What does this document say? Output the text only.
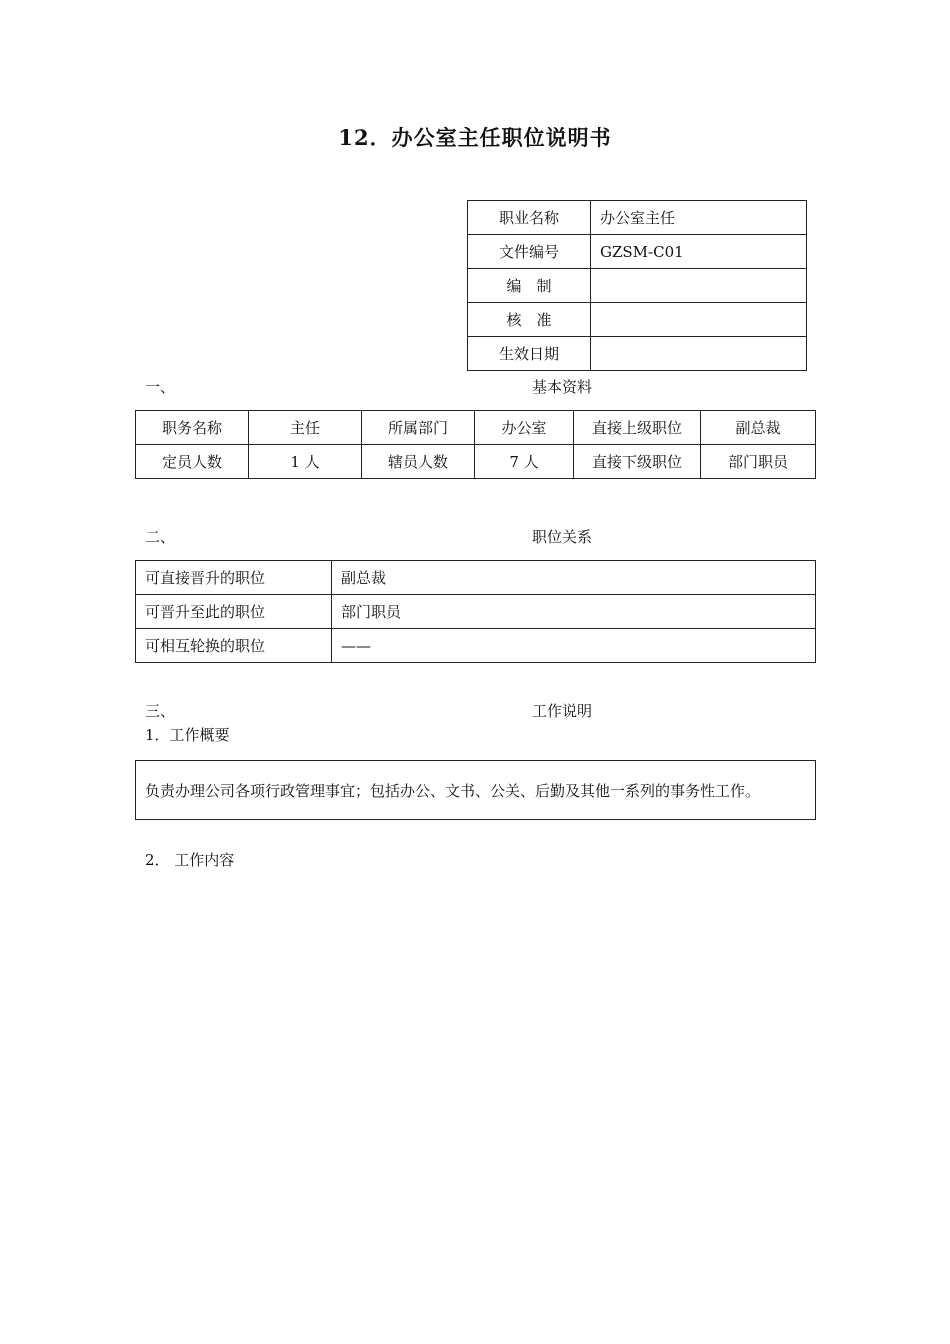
12．办公室主任职位说明书
职业名称	办公室主任
文件编号	GZSM-C01
编　制	
核　准	
生效日期	
一、	基本资料
职务名称	主任	所属部门	办公室	直接上级职位	副总裁
定员人数	1 人	辖员人数	7 人	直接下级职位	部门职员
二、	职位关系
可直接晋升的职位	副总裁
可晋升至此的职位	部门职员
可相互轮换的职位	——
三、	工作说明
1．工作概要
负责办理公司各项行政管理事宜；包括办公、文书、公关、后勤及其他一系列的事务性工作。
2． 工作内容
